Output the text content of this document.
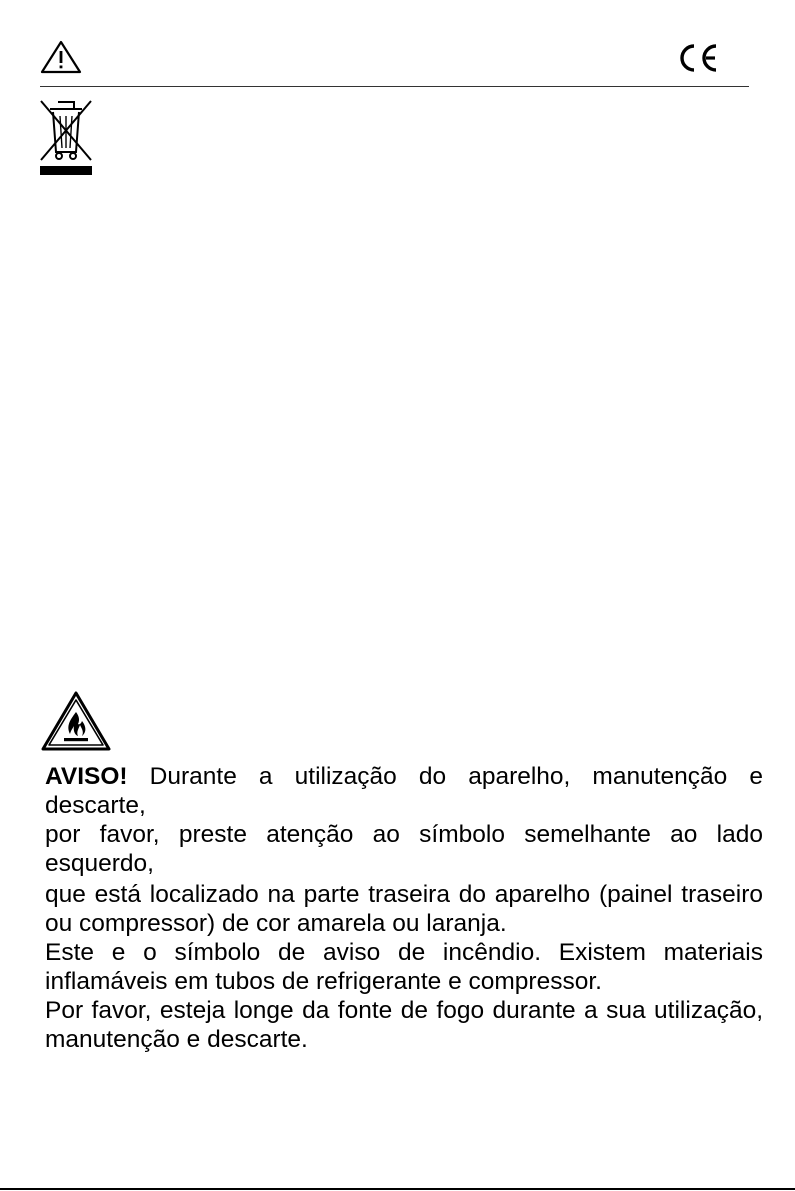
AVISO! Durante a utilização do aparelho, manutenção e descarte,

por favor, preste atenção ao símbolo semelhante ao lado esquerdo,

que está localizado na parte traseira do aparelho (painel traseiro ou compressor) de cor amarela ou laranja.

Este e o símbolo de aviso de incêndio. Existem materiais inflamáveis em tubos de refrigerante e compressor.

Por favor, esteja longe da fonte de fogo durante a sua utilização, manutenção e descarte.
